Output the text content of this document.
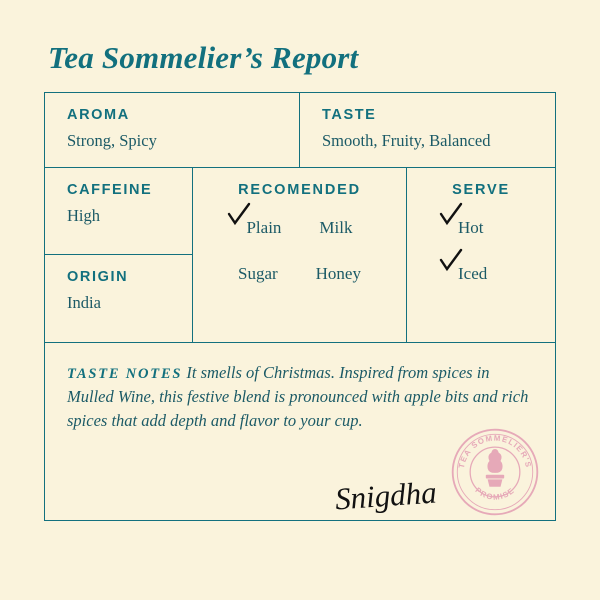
Tea Sommelier’s Report
AROMA
Strong, Spicy
TASTE
Smooth, Fruity, Balanced
CAFFEINE
High
ORIGIN
India
RECOMENDED
Plain Milk
Sugar Honey
SERVE
Hot
Iced
TASTE NOTES It smells of Christmas. Inspired from spices in Mulled Wine, this festive blend is pronounced with apple bits and rich spices that add depth and flavor to your cup.
Snigdha
TEA SOMMELIER'S
PROMISE
